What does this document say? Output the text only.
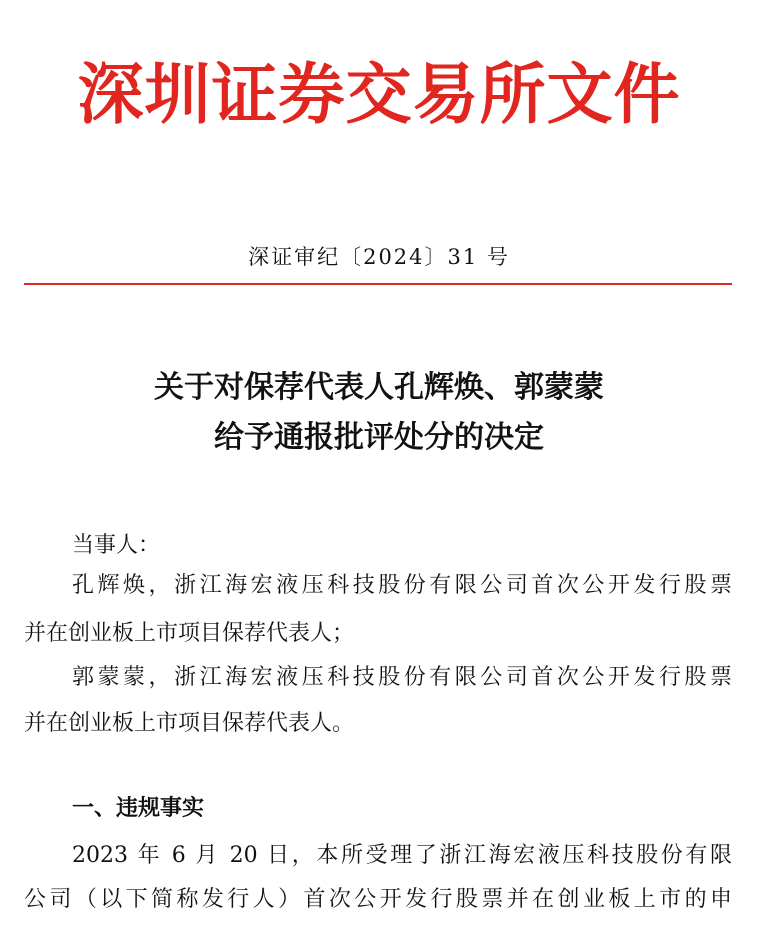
深圳证券交易所文件
深证审纪〔2024〕31 号
关于对保荐代表人孔辉焕、郭蒙蒙
给予通报批评处分的决定
当事人：
孔辉焕，浙江海宏液压科技股份有限公司首次公开发行股票
并在创业板上市项目保荐代表人；
郭蒙蒙，浙江海宏液压科技股份有限公司首次公开发行股票
并在创业板上市项目保荐代表人。
一、违规事实
2023 年 6 月 20 日，本所受理了浙江海宏液压科技股份有限
公司（以下简称发行人）首次公开发行股票并在创业板上市的申
